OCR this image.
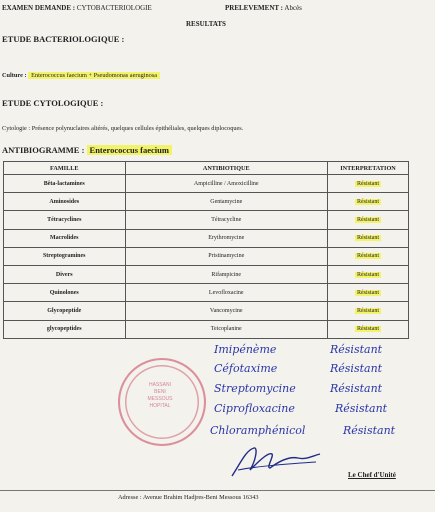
EXAMEN DEMANDE : CYTOBACTERIOLOGIE	PRELEVEMENT : Abcès
RESULTATS
ETUDE BACTERIOLOGIQUE :
Culture : Enterococcus faecium + Pseudomonas aeruginosa
ETUDE CYTOLOGIQUE :
Cytologie : Présence polynuclaires altérés, quelques cellules épithéliales, quelques diplocoques.
ANTIBIOGRAMME : Enterococcus faecium
FAMILLE	ANTIBIOTIQUE	INTERPRETATION
Bêta-lactamines	Ampicilline / Amoxicilline	Résistant
Aminosides	Gentamycine	Résistant
Tétracyclines	Tétracycline	Résistant
Macrolides	Erythromycine	Résistant
Streptogramines	Pristinamycine	Résistant
Divers	Rifampicine	Résistant
Quinolones	Levofloxacine	Résistant
Glycopeptide	Vancomycine	Résistant
glycopeptides	Teicoplanine	Résistant
HASSANI
BENI
MESSOUS
HOPITAL
Imipénème	Résistant
Céfotaxime	Résistant
Streptomycine	Résistant
Ciprofloxacine	Résistant
Chloramphénicol	Résistant
Le Chef d'Unité
Adresse : Avenue Brahim Hadjres-Beni Messous 16343
